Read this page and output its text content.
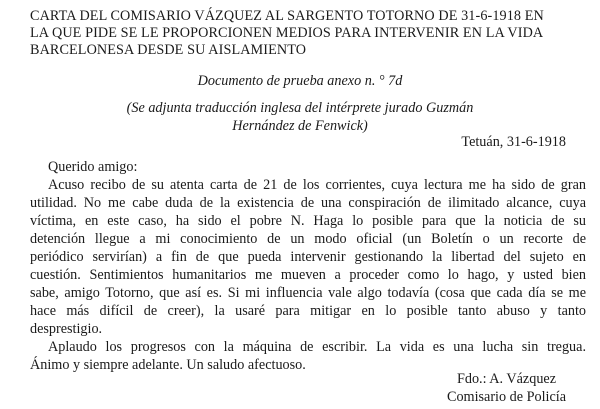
CARTA DEL COMISARIO VÁZQUEZ AL SARGENTO TOTORNO DE 31-6-1918 EN
LA QUE PIDE SE LE PROPORCIONEN MEDIOS PARA INTERVENIR EN LA VIDA
BARCELONESA DESDE SU AISLAMIENTO
Documento de prueba anexo n. ° 7d
(Se adjunta traducción inglesa del intérprete jurado Guzmán
Hernández de Fenwick)
Tetuán, 31-6-1918
Querido amigo:
Acuso recibo de su atenta carta de 21 de los corrientes, cuya lectura me ha sido de gran
utilidad. No me cabe duda de la existencia de una conspiración de ilimitado alcance, cuya
víctima, en este caso, ha sido el pobre N. Haga lo posible para que la noticia de su
detención llegue a mi conocimiento de un modo oficial (un Boletín o un recorte de
periódico servirían) a fin de que pueda intervenir gestionando la libertad del sujeto en
cuestión. Sentimientos humanitarios me mueven a proceder como lo hago, y usted bien
sabe, amigo Totorno, que así es. Si mi influencia vale algo todavía (cosa que cada día se me
hace más difícil de creer), la usaré para mitigar en lo posible tanto abuso y tanto
desprestigio.
Aplaudo los progresos con la máquina de escribir. La vida es una lucha sin tregua.
Ánimo y siempre adelante. Un saludo afectuoso.
Fdo.: A. Vázquez
Comisario de Policía
